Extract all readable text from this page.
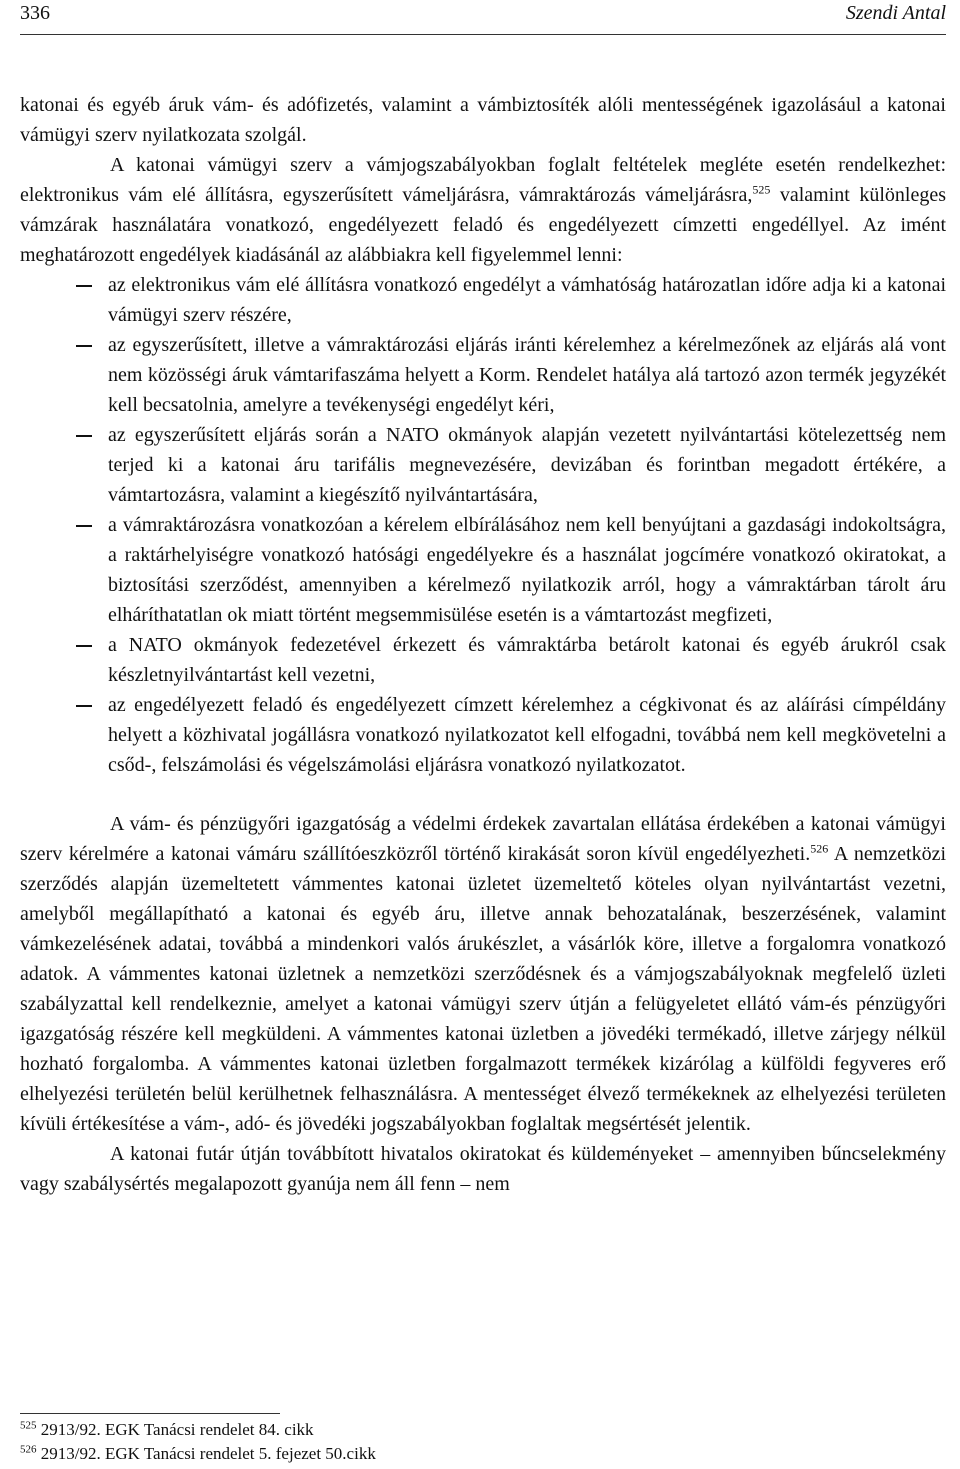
336	Szendi Antal

katonai és egyéb áruk vám- és adófizetés, valamint a vámbiztosíték alóli mentességének igazolásául a katonai vámügyi szerv nyilatkozata szolgál.

A katonai vámügyi szerv a vámjogszabályokban foglalt feltételek megléte esetén rendelkezhet: elektronikus vám elé állításra, egyszerűsített vámeljárásra, vámraktározás vámeljárásra,$^{525}$ valamint különleges vámzárak használatára vonatkozó, engedélyezett feladó és engedélyezett címzetti engedéllyel. Az imént meghatározott engedélyek kiadásánál az alábbiakra kell figyelemmel lenni:

az elektronikus vám elé állításra vonatkozó engedélyt a vámhatóság határozatlan időre adja ki a katonai vámügyi szerv részére,
az egyszerűsített, illetve a vámraktározási eljárás iránti kérelemhez a kérelmezőnek az eljárás alá vont nem közösségi áruk vámtarifaszáma helyett a Korm. Rendelet hatálya alá tartozó azon termék jegyzékét kell becsatolnia, amelyre a tevékenységi engedélyt kéri,
az egyszerűsített eljárás során a NATO okmányok alapján vezetett nyilvántartási kötelezettség nem terjed ki a katonai áru tarifális megnevezésére, devizában és forintban megadott értékére, a vámtartozásra, valamint a kiegészítő nyilvántartására,
a vámraktározásra vonatkozóan a kérelem elbírálásához nem kell benyújtani a gazdasági indokoltságra, a raktárhelyiségre vonatkozó hatósági engedélyekre és a használat jogcímére vonatkozó okiratokat, a biztosítási szerződést, amennyiben a kérelmező nyilatkozik arról, hogy a vámraktárban tárolt áru elháríthatatlan ok miatt történt megsemmisülése esetén is a vámtartozást megfizeti,
a NATO okmányok fedezetével érkezett és vámraktárba betárolt katonai és egyéb árukról csak készletnyilvántartást kell vezetni,
az engedélyezett feladó és engedélyezett címzett kérelemhez a cégkivonat és az aláírási címpéldány helyett a közhivatal jogállásra vonatkozó nyilatkozatot kell elfogadni, továbbá nem kell megkövetelni a csőd-, felszámolási és végelszámolási eljárásra vonatkozó nyilatkozatot.

A vám- és pénzügyőri igazgatóság a védelmi érdekek zavartalan ellátása érdekében a katonai vámügyi szerv kérelmére a katonai vámáru szállítóeszközről történő kirakását soron kívül engedélyezheti.$^{526}$ A nemzetközi szerződés alapján üzemeltetett vámmentes katonai üzletet üzemeltető köteles olyan nyilvántartást vezetni, amelyből megállapítható a katonai és egyéb áru, illetve annak behozatalának, beszerzésének, valamint vámkezelésének adatai, továbbá a mindenkori valós árukészlet, a vásárlók köre, illetve a forgalomra vonatkozó adatok. A vámmentes katonai üzletnek a nemzetközi szerződésnek és a vámjogszabályoknak megfelelő üzleti szabályzattal kell rendelkeznie, amelyet a katonai vámügyi szerv útján a felügyeletet ellátó vám-és pénzügyőri igazgatóság részére kell megküldeni. A vámmentes katonai üzletben a jövedéki termékadó, illetve zárjegy nélkül hozható forgalomba. A vámmentes katonai üzletben forgalmazott termékek kizárólag a külföldi fegyveres erő elhelyezési területén belül kerülhetnek felhasználásra. A mentességet élvező termékeknek az elhelyezési területen kívüli értékesítése a vám-, adó- és jövedéki jogszabályokban foglaltak megsértését jelentik.

A katonai futár útján továbbított hivatalos okiratokat és küldeményeket – amennyiben bűncselekmény vagy szabálysértés megalapozott gyanúja nem áll fenn – nem

$^{525}$ 2913/92. EGK Tanácsi rendelet 84. cikk
$^{526}$ 2913/92. EGK Tanácsi rendelet 5. fejezet 50.cikk
